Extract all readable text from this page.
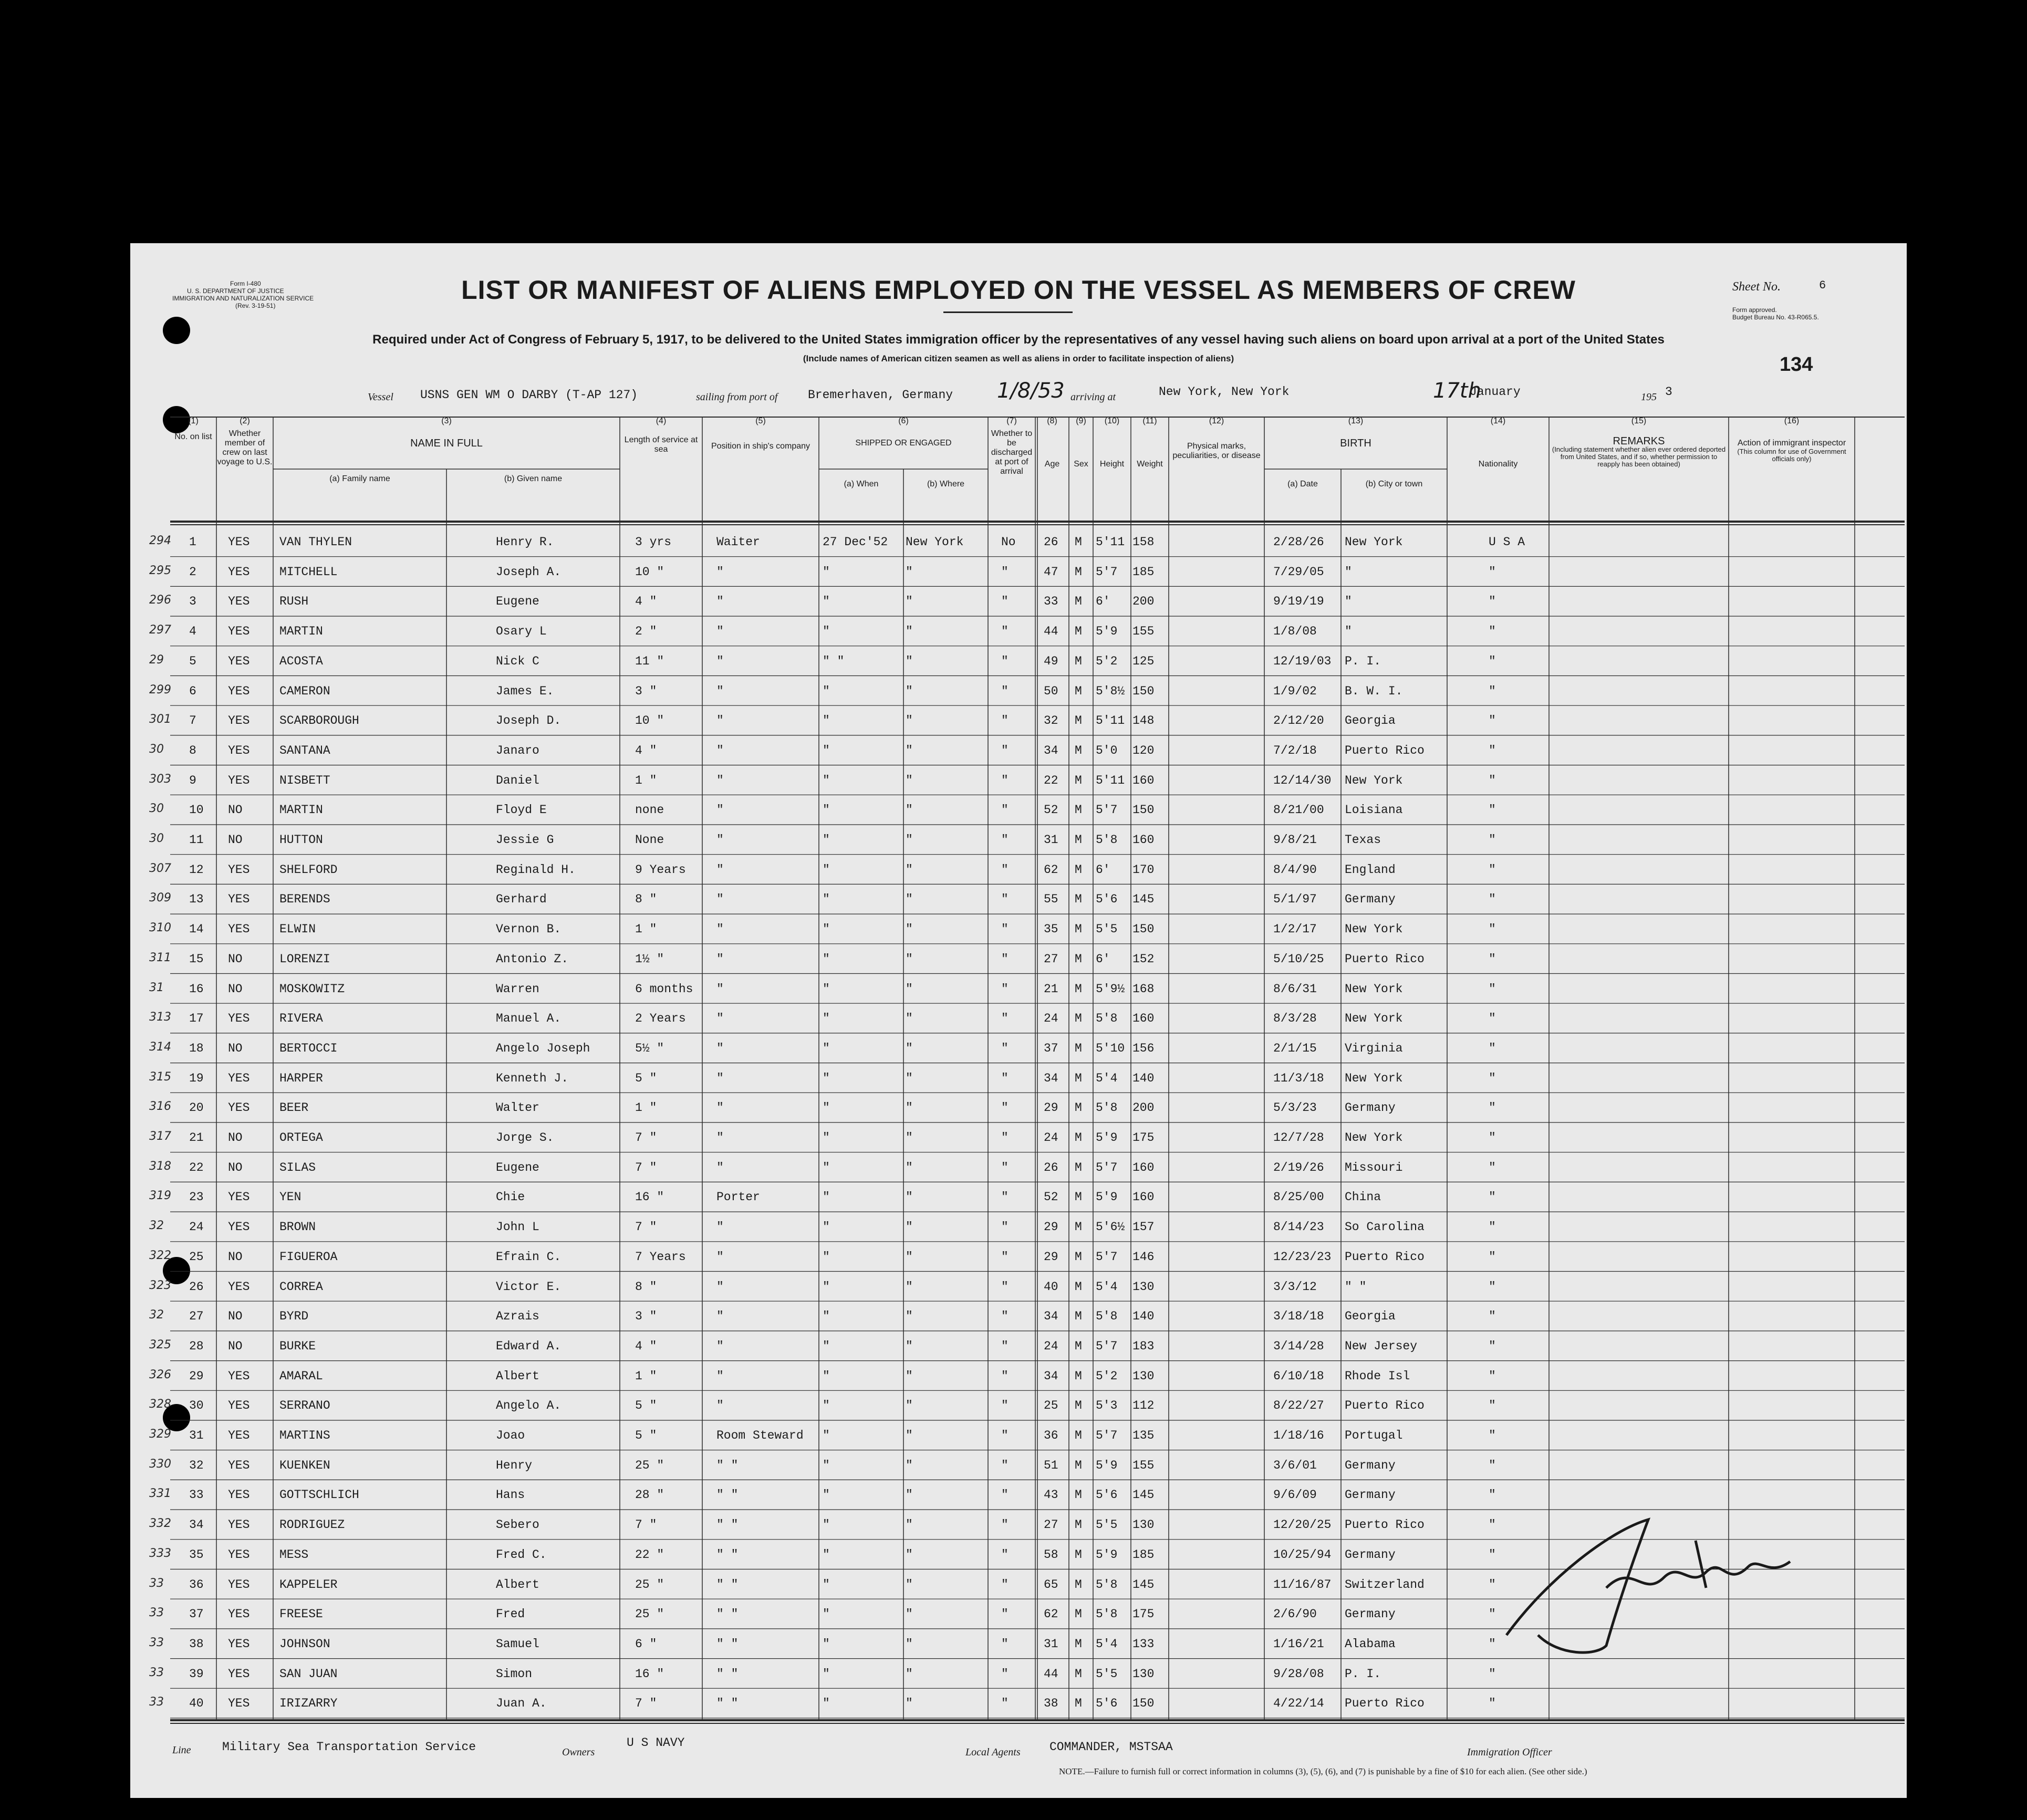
Form I-480
U. S. DEPARTMENT OF JUSTICE
IMMIGRATION AND NATURALIZATION SERVICE
(Rev. 3-19-51)
LIST OR MANIFEST OF ALIENS EMPLOYED ON THE VESSEL AS MEMBERS OF CREW
Required under Act of Congress of February 5, 1917, to be delivered to the United States immigration officer by the representatives of any vessel having such aliens on board upon arrival at a port of the United States
(Include names of American citizen seamen as well as aliens in order to facilitate inspection of aliens)
Sheet No.	6
Form approved.
Budget Bureau No. 43-R065.5.
134
Vessel USNS GEN WM O DARBY (T-AP 127)	sailing from port of	Bremerhaven, Germany 1/8/53 arriving at	New York, New York	17th
January	195 3
(1)
No. on list
(2)
Whether member of crew on last voyage to U.S.
(3)
NAME IN FULL
(a) Family name	(b) Given name
(4)
Length of service at sea
(5)
Position in ship's company
(6)
SHIPPED OR ENGAGED
(a) When	(b) Where
(7)
Whether to be discharged at port of arrival
(8)
Age
(9)
Sex
(10)
Height
(11)
Weight
(12)
Physical marks, peculiarities, or disease
(13)
BIRTH
(a) Date	(b) City or town
(14)
Nationality
(15)
REMARKS
(Including statement whether alien ever ordered deported from United States, and if so, whether permission to reapply has been obtained)
(16)
Action of immigrant inspector
(This column for use of Government officials only)
294 1	YES VAN THYLEN	Henry R.	3 yrs	Waiter	27 Dec'52 New York	No 26 M 5'11 158	2/28/26 New York	U S A
295 2	YES MITCHELL	Joseph A.	10 "	"	"	"	"	47 M 5'7 185	7/29/05 "	"
296 3	YES RUSH	Eugene	4 "	"	"	"	"	33 M 6' 200	9/19/19 "	"
297 4	YES MARTIN	Osary L	2 "	"	"	"	"	44 M 5'9 155	1/8/08 "	"
29 5	YES ACOSTA	Nick C	11 "	"	" "	"	"	49 M 5'2 125	12/19/03 P. I.	"
299 6	YES CAMERON	James E.	3 "	"	"	"	"	50 M 5'8½ 150	1/9/02 B. W. I.	"
301 7	YES SCARBOROUGH	Joseph D.	10 "	"	"	"	"	32 M 5'11 148	2/12/20 Georgia	"
30 8	YES SANTANA	Janaro	4 "	"	"	"	"	34 M 5'0 120	7/2/18 Puerto Rico	"
303 9	YES NISBETT	Daniel	1 "	"	"	"	"	22 M 5'11 160	12/14/30 New York	"
30 10 NO	MARTIN	Floyd E	none	"	"	"	"	52 M 5'7 150	8/21/00 Loisiana	"
30 11 NO	HUTTON	Jessie G	None	"	"	"	"	31 M 5'8 160	9/8/21 Texas	"
307 12 YES SHELFORD	Reginald H.	9 Years	"	"	"	"	62 M 6' 170	8/4/90 England	"
309 13 YES BERENDS	Gerhard	8 "	"	"	"	"	55 M 5'6 145	5/1/97 Germany	"
310 14 YES ELWIN	Vernon B.	1 "	"	"	"	"	35 M 5'5 150	1/2/17 New York	"
311 15 NO	LORENZI	Antonio Z.	1½ "	"	"	"	"	27 M 6' 152	5/10/25 Puerto Rico	"
31 16 NO	MOSKOWITZ	Warren	6 months "	"	"	"	21 M 5'9½ 168	8/6/31 New York	"
313 17 YES RIVERA	Manuel A.	2 Years	"	"	"	"	24 M 5'8 160	8/3/28 New York	"
314 18 NO	BERTOCCI	Angelo Joseph	5½ "	"	"	"	"	37 M 5'10 156	2/1/15 Virginia	"
315 19 YES HARPER	Kenneth J.	5 "	"	"	"	"	34 M 5'4 140	11/3/18 New York	"
316 20 YES BEER	Walter	1 "	"	"	"	"	29 M 5'8 200	5/3/23 Germany	"
317 21 NO	ORTEGA	Jorge S.	7 "	"	"	"	"	24 M 5'9 175	12/7/28 New York	"
318 22 NO	SILAS	Eugene	7 "	"	"	"	"	26 M 5'7 160	2/19/26 Missouri	"
319 23 YES YEN	Chie	16 "	Porter	"	"	"	52 M 5'9 160	8/25/00 China	"
32 24 YES BROWN	John L	7 "	"	"	"	"	29 M 5'6½ 157	8/14/23 So Carolina	"
322 25 NO	FIGUEROA	Efrain C.	7 Years	"	"	"	"	29 M 5'7 146	12/23/23 Puerto Rico	"
323 26 YES CORREA	Victor E.	8 "	"	"	"	"	40 M 5'4 130	3/3/12 " "	"
32 27 NO	BYRD	Azrais	3 "	"	"	"	"	34 M 5'8 140	3/18/18 Georgia	"
325 28 NO	BURKE	Edward A.	4 "	"	"	"	"	24 M 5'7 183	3/14/28 New Jersey	"
326 29 YES AMARAL	Albert	1 "	"	"	"	"	34 M 5'2 130	6/10/18 Rhode Isl	"
328 30 YES SERRANO	Angelo A.	5 "	"	"	"	"	25 M 5'3 112	8/22/27 Puerto Rico	"
329 31 YES MARTINS	Joao	5 "	Room Steward "	"	"	36 M 5'7 135	1/18/16 Portugal	"
330 32 YES KUENKEN	Henry	25 "	" "	"	"	"	51 M 5'9 155	3/6/01 Germany	"
331 33 YES GOTTSCHLICH	Hans	28 "	" "	"	"	"	43 M 5'6 145	9/6/09 Germany	"
332 34 YES RODRIGUEZ	Sebero	7 "	" "	"	"	"	27 M 5'5 130	12/20/25 Puerto Rico	"
333 35 YES MESS	Fred C.	22 "	" "	"	"	"	58 M 5'9 185	10/25/94 Germany	"
33 36 YES KAPPELER	Albert	25 "	" "	"	"	"	65 M 5'8 145	11/16/87 Switzerland	"
33 37 YES FREESE	Fred	25 "	" "	"	"	"	62 M 5'8 175	2/6/90 Germany	"
33 38 YES JOHNSON	Samuel	6 "	" "	"	"	"	31 M 5'4 133	1/16/21 Alabama	"
33 39 YES SAN JUAN	Simon	16 "	" "	"	"	"	44 M 5'5 130	9/28/08 P. I.	"
33 40 YES IRIZARRY	Juan A.	7 "	" "	"	"	"	38 M 5'6 150	4/22/14 Puerto Rico	"
Line	Military Sea Transportation Service	Owners
U S NAVY
Local Agents COMMANDER, MSTSAA	Immigration Officer
NOTE.—Failure to furnish full or correct information in columns (3), (5), (6), and (7) is punishable by a fine of $10 for each alien. (See other side.)
